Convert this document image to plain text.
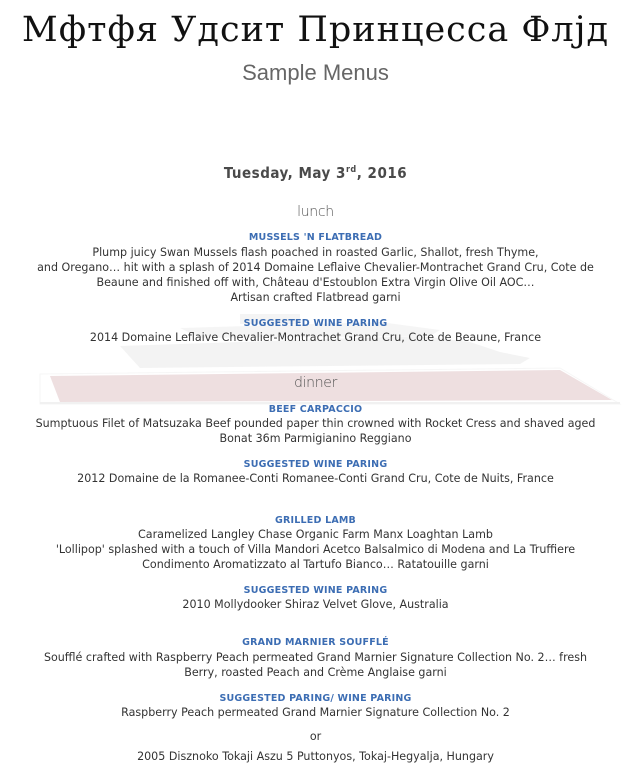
Мфтфя Удсит Принцесса Флјд
Sample Menus
Tuesday, May 3rd, 2016
lunch
MUSSELS 'N FLATBREAD
Plump juicy Swan Mussels flash poached in roasted Garlic, Shallot, fresh Thyme,
and Oregano… hit with a splash of 2014 Domaine Leflaive Chevalier-Montrachet Grand Cru, Cote de
Beaune and finished off with, Château d'Estoublon Extra Virgin Olive Oil AOC…
Artisan crafted Flatbread garni
SUGGESTED WINE PARING
2014 Domaine Leflaive Chevalier-Montrachet Grand Cru, Cote de Beaune, France
dinner
BEEF CARPACCIO
Sumptuous Filet of Matsuzaka Beef pounded paper thin crowned with Rocket Cress and shaved aged
Bonat 36m Parmigianino Reggiano
SUGGESTED WINE PARING
2012 Domaine de la Romanee-Conti Romanee-Conti Grand Cru, Cote de Nuits, France
GRILLED LAMB
Caramelized Langley Chase Organic Farm Manx Loaghtan Lamb
'Lollipop' splashed with a touch of Villa Mandori Acetco Balsalmico di Modena and La Truffiere
Condimento Aromatizzato al Tartufo Bianco… Ratatouille garni
SUGGESTED WINE PARING
2010 Mollydooker Shiraz Velvet Glove, Australia
GRAND MARNIER SOUFFLÉ
Soufflé crafted with Raspberry Peach permeated Grand Marnier Signature Collection No. 2… fresh
Berry, roasted Peach and Crème Anglaise garni
SUGGESTED PARING/ WINE PARING
Raspberry Peach permeated Grand Marnier Signature Collection No. 2
or
2005 Disznoko Tokaji Aszu 5 Puttonyos, Tokaj-Hegyalja, Hungary
